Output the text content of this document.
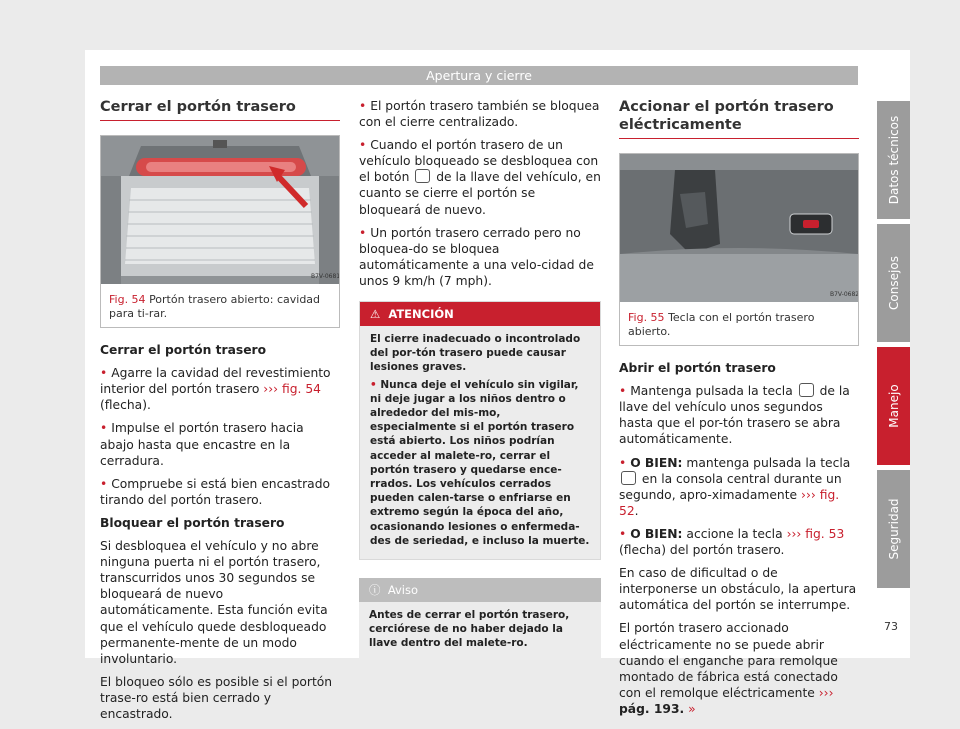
Apertura y cierre
Cerrar el portón trasero
B7V-0681
Fig. 54 Portón trasero abierto: cavidad para ti-rar.

Cerrar el portón trasero

• Agarre la cavidad del revestimiento interior del portón trasero ››› fig. 54 (flecha).

• Impulse el portón trasero hacia abajo hasta que encastre en la cerradura.

• Compruebe si está bien encastrado tirando del portón trasero.

Bloquear el portón trasero

Si desbloquea el vehículo y no abre ninguna puerta ni el portón trasero, transcurridos unos 30 segundos se bloqueará de nuevo automáticamente. Esta función evita que el vehículo quede desbloqueado permanente-mente de un modo involuntario.

El bloqueo sólo es posible si el portón trase-ro está bien cerrado y encastrado.

• El portón trasero también se bloquea con el cierre centralizado.

• Cuando el portón trasero de un vehículo bloqueado se desbloquea con el botón de la llave del vehículo, en cuanto se cierre el portón se bloqueará de nuevo.

• Un portón trasero cerrado pero no bloquea-do se bloquea automáticamente a una velo-cidad de unos 9 km/h (7 mph).

⚠ ATENCIÓN

El cierre inadecuado o incontrolado del por-tón trasero puede causar lesiones graves.

• Nunca deje el vehículo sin vigilar, ni deje jugar a los niños dentro o alrededor del mis-mo, especialmente si el portón trasero está abierto. Los niños podrían acceder al malete-ro, cerrar el portón trasero y quedarse ence-rrados. Los vehículos cerrados pueden calen-tarse o enfriarse en extremo según la época del año, ocasionando lesiones o enfermeda-des de seriedad, e incluso la muerte.

ⓘ Aviso
Antes de cerrar el portón trasero, cerciórese de no haber dejado la llave dentro del malete-ro.
Accionar el portón trasero eléctricamente
B7V-0682
Fig. 55 Tecla con el portón trasero abierto.

Abrir el portón trasero

• Mantenga pulsada la tecla de la llave del vehículo unos segundos hasta que el por-tón trasero se abra automáticamente.

• O BIEN: mantenga pulsada la tecla  en la consola central durante un segundo, apro-ximadamente ››› fig. 52.

• O BIEN: accione la tecla ››› fig. 53 (flecha) del portón trasero.

En caso de dificultad o de interponerse un obstáculo, la apertura automática del portón se interrumpe.

El portón trasero accionado eléctricamente no se puede abrir cuando el enganche para remolque montado de fábrica está conectado con el remolque eléctricamente ››› pág. 193. »

Datos técnicos
Consejos
Manejo
Seguridad
73
